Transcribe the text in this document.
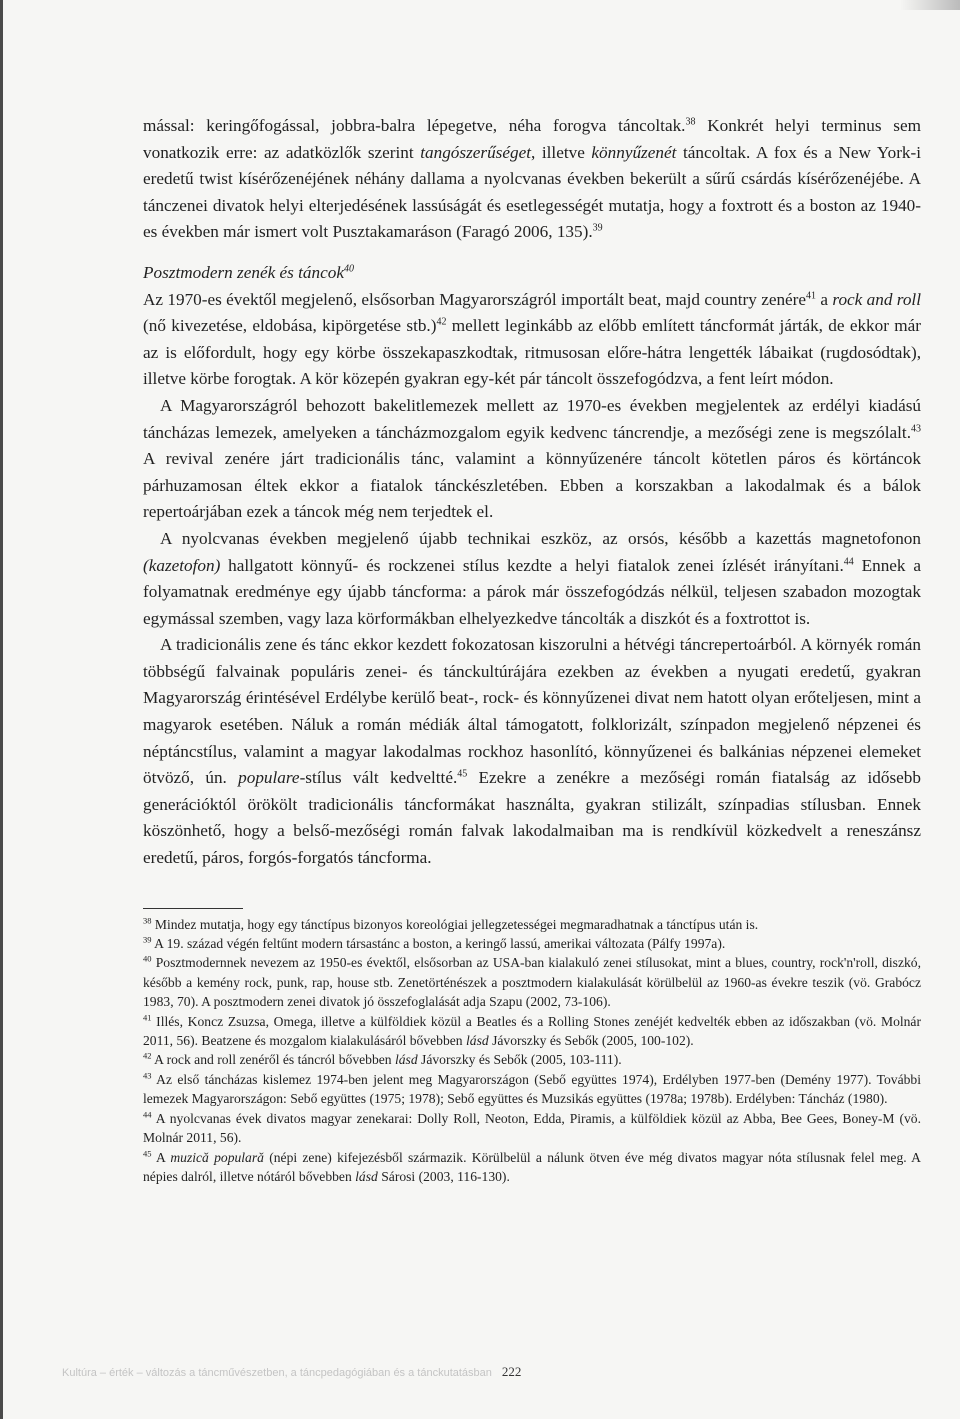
mással: keringőfogással, jobbra-balra lépegetve, néha forogva táncoltak.$^{38}$ Konkrét helyi terminus sem vonatkozik erre: az adatközlők szerint tangószerűséget, illetve könnyűzenét táncoltak. A fox és a New York-i eredetű twist kísérőzenéjének néhány dallama a nyolcvanas években bekerült a sűrű csárdás kísérőzenéjébe. A tánczenei divatok helyi elterjedésének lassúságát és esetlegességét mutatja, hogy a foxtrott és a boston az 1940-es években már ismert volt Pusztakamaráson (Faragó 2006, 135).$^{39}$

Posztmodern zenék és táncok$^{40}$

Az 1970-es évektől megjelenő, elsősorban Magyarországról importált beat, majd country zenére$^{41}$ a rock and roll (nő kivezetése, eldobása, kipörgetése stb.)$^{42}$ mellett leginkább az előbb említett táncformát járták, de ekkor már az is előfordult, hogy egy körbe összekapaszkodtak, ritmusosan előre-hátra lengették lábaikat (rugdosódtak), illetve körbe forogtak. A kör közepén gyakran egy-két pár táncolt összefogódzva, a fent leírt módon.

A Magyarországról behozott bakelitlemezek mellett az 1970-es években megjelentek az erdélyi kiadású táncházas lemezek, amelyeken a táncházmozgalom egyik kedvenc táncrendje, a mezőségi zene is megszólalt.$^{43}$ A revival zenére járt tradicionális tánc, valamint a könnyűzenére táncolt kötetlen páros és körtáncok párhuzamosan éltek ekkor a fiatalok tánckészletében. Ebben a korszakban a lakodalmak és a bálok repertoárjában ezek a táncok még nem terjedtek el.

A nyolcvanas években megjelenő újabb technikai eszköz, az orsós, később a kazettás magnetofonon (kazetofon) hallgatott könnyű- és rockzenei stílus kezdte a helyi fiatalok zenei ízlését irányítani.$^{44}$ Ennek a folyamatnak eredménye egy újabb táncforma: a párok már összefogódzás nélkül, teljesen szabadon mozogtak egymással szemben, vagy laza körformákban elhelyezkedve táncolták a diszkót és a foxtrottot is.

A tradicionális zene és tánc ekkor kezdett fokozatosan kiszorulni a hétvégi táncrepertoárból. A környék román többségű falvainak populáris zenei- és tánckultúrájára ezekben az években a nyugati eredetű, gyakran Magyarország érintésével Erdélybe kerülő beat-, rock- és könnyűzenei divat nem hatott olyan erőteljesen, mint a magyarok esetében. Náluk a román médiák által támogatott, folklorizált, színpadon megjelenő népzenei és néptáncstílus, valamint a magyar lakodalmas rockhoz hasonlító, könnyűzenei és balkánias népzenei elemeket ötvöző, ún. populare-stílus vált kedveltté.$^{45}$ Ezekre a zenékre a mezőségi román fiatalság az idősebb generációktól örökölt tradicionális táncformákat használta, gyakran stilizált, színpadias stílusban. Ennek köszönhető, hogy a belső-mezőségi román falvak lakodalmaiban ma is rendkívül közkedvelt a reneszánsz eredetű, páros, forgós-forgatós táncforma.

$^{38}$ Mindez mutatja, hogy egy tánctípus bizonyos koreológiai jellegzetességei megmaradhatnak a tánctípus után is.

$^{39}$ A 19. század végén feltűnt modern társastánc a boston, a keringő lassú, amerikai változata (Pálfy 1997a).

$^{40}$ Posztmodernnek nevezem az 1950-es évektől, elsősorban az USA-ban kialakuló zenei stílusokat, mint a blues, country, rock'n'roll, diszkó, később a kemény rock, punk, rap, house stb. Zenetörténészek a posztmodern kialakulását körülbelül az 1960-as évekre teszik (vö. Grabócz 1983, 70). A posztmodern zenei divatok jó összefoglalását adja Szapu (2002, 73-106).

$^{41}$ Illés, Koncz Zsuzsa, Omega, illetve a külföldiek közül a Beatles és a Rolling Stones zenéjét kedvelték ebben az időszakban (vö. Molnár 2011, 56). Beatzene és mozgalom kialakulásáról bővebben lásd Jávorszky és Sebők (2005, 100-102).

$^{42}$ A rock and roll zenéről és táncról bővebben lásd Jávorszky és Sebők (2005, 103-111).

$^{43}$ Az első táncházas kislemez 1974-ben jelent meg Magyarországon (Sebő együttes 1974), Erdélyben 1977-ben (Demény 1977). További lemezek Magyarországon: Sebő együttes (1975; 1978); Sebő együttes és Muzsikás együttes (1978a; 1978b). Erdélyben: Táncház (1980).

$^{44}$ A nyolcvanas évek divatos magyar zenekarai: Dolly Roll, Neoton, Edda, Piramis, a külföldiek közül az Abba, Bee Gees, Boney-M (vö. Molnár 2011, 56).

$^{45}$ A muzică populară (népi zene) kifejezésből származik. Körülbelül a nálunk ötven éve még divatos magyar nóta stílusnak felel meg. A népies dalról, illetve nótáról bővebben lásd Sárosi (2003, 116-130).

Kultúra – érték – változás a táncművészetben, a táncpedagógiában és a tánckutatásban 222
